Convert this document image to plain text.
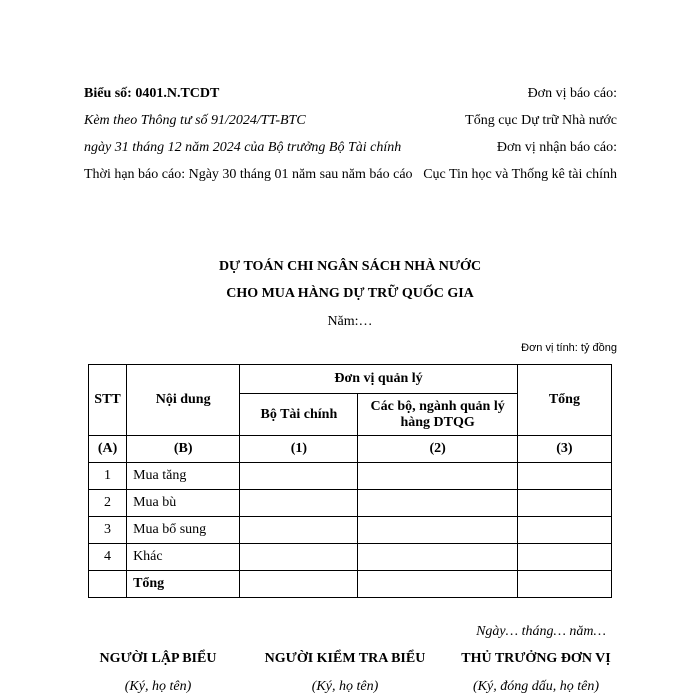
Biểu số: 0401.N.TCDT
Kèm theo Thông tư số 91/2024/TT-BTC
ngày 31 tháng 12 năm 2024 của Bộ trưởng Bộ Tài chính
Thời hạn báo cáo: Ngày 30 tháng 01 năm sau năm báo cáo
Đơn vị báo cáo:
Tổng cục Dự trữ Nhà nước
Đơn vị nhận báo cáo:
Cục Tin học và Thống kê tài chính
DỰ TOÁN CHI NGÂN SÁCH NHÀ NƯỚC
CHO MUA HÀNG DỰ TRỮ QUỐC GIA
Năm:…
Đơn vị tính: tỷ đồng
STT	Nội dung	Đơn vị quản lý		Tổng
		Bộ Tài chính	Các bộ, ngành quản lý hàng DTQG	
(A)	(B)	(1)	(2)	(3)
1	Mua tăng			
2	Mua bù			
3	Mua bổ sung			
4	Khác			
	Tổng			
Ngày… tháng… năm…
NGƯỜI LẬP BIỂU
(Ký, họ tên)
NGƯỜI KIỂM TRA BIỂU
(Ký, họ tên)
THỦ TRƯỞNG ĐƠN VỊ
(Ký, đóng dấu, họ tên)
